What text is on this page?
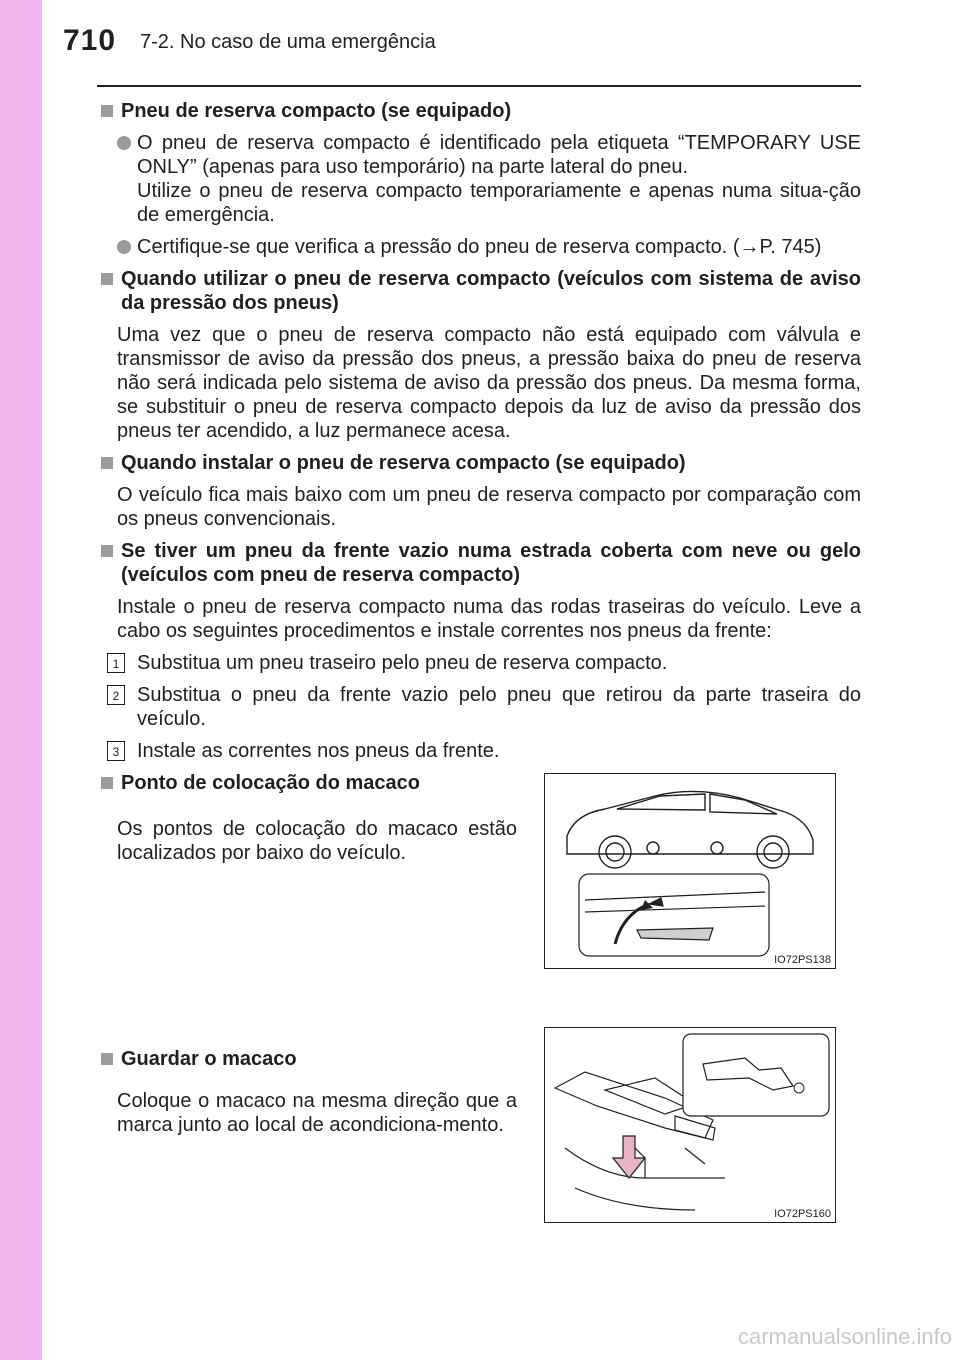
710 7-2. No caso de uma emergência
Pneu de reserva compacto (se equipado)
O pneu de reserva compacto é identificado pela etiqueta “TEMPORARY USE ONLY” (apenas para uso temporário) na parte lateral do pneu.
Utilize o pneu de reserva compacto temporariamente e apenas numa situa-ção de emergência.
Certifique-se que verifica a pressão do pneu de reserva compacto. (→P. 745)
Quando utilizar o pneu de reserva compacto (veículos com sistema de aviso da pressão dos pneus)
Uma vez que o pneu de reserva compacto não está equipado com válvula e transmissor de aviso da pressão dos pneus, a pressão baixa do pneu de reserva não será indicada pelo sistema de aviso da pressão dos pneus. Da mesma forma, se substituir o pneu de reserva compacto depois da luz de aviso da pressão dos pneus ter acendido, a luz permanece acesa.
Quando instalar o pneu de reserva compacto (se equipado)
O veículo fica mais baixo com um pneu de reserva compacto por comparação com os pneus convencionais.
Se tiver um pneu da frente vazio numa estrada coberta com neve ou gelo (veículos com pneu de reserva compacto)
Instale o pneu de reserva compacto numa das rodas traseiras do veículo. Leve a cabo os seguintes procedimentos e instale correntes nos pneus da frente:
1 Substitua um pneu traseiro pelo pneu de reserva compacto.
2 Substitua o pneu da frente vazio pelo pneu que retirou da parte traseira do veículo.
3 Instale as correntes nos pneus da frente.
Ponto de colocação do macaco
Os pontos de colocação do macaco estão localizados por baixo do veículo.
Guardar o macaco
Coloque o macaco na mesma direção que a marca junto ao local de acondiciona-mento.
IO72PS138
IO72PS160
carmanualsonline.info
